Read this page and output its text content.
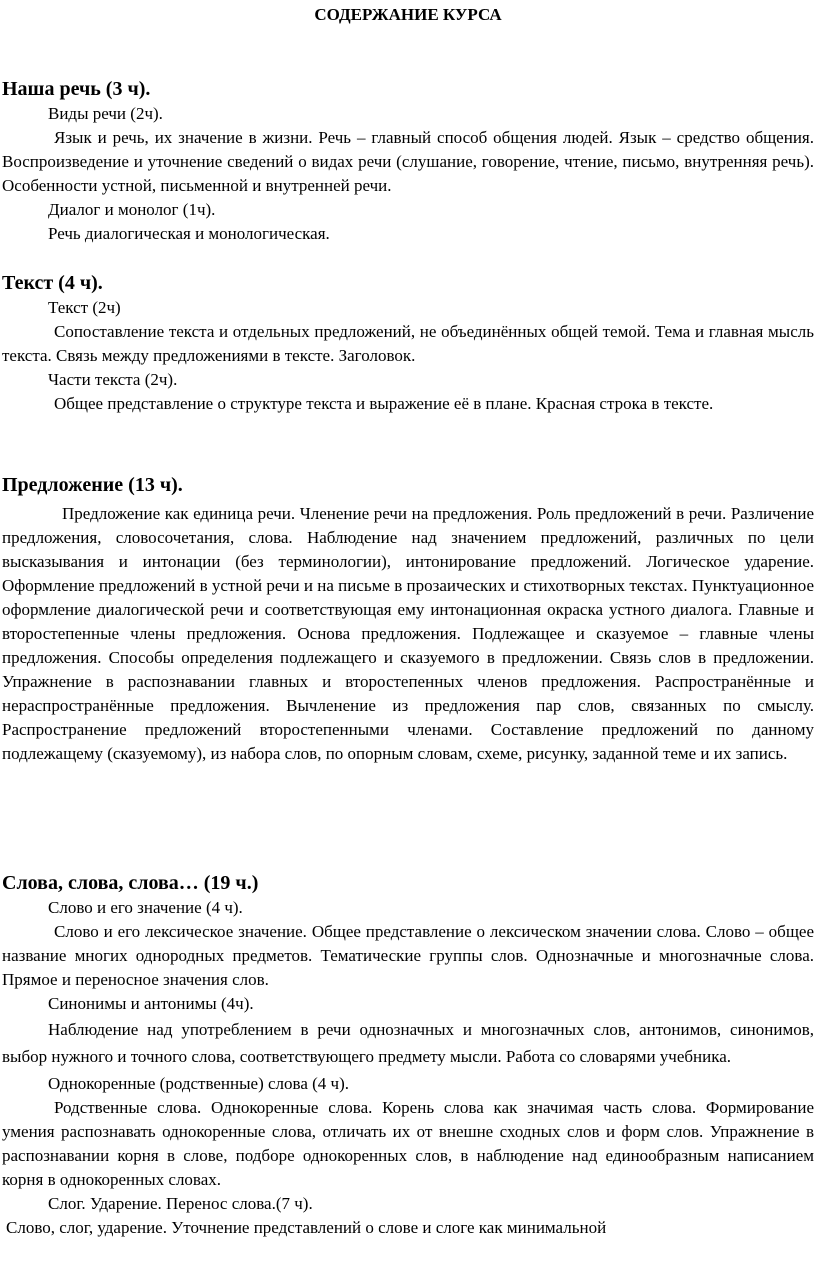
СОДЕРЖАНИЕ КУРСА

Наша речь (3 ч).

Виды речи (2ч).

Язык и речь, их значение в жизни. Речь – главный способ общения людей. Язык – средство общения. Воспроизведение и уточнение сведений о видах речи (слушание, говорение, чтение, письмо, внутренняя речь). Особенности устной, письменной и внутренней речи.

Диалог и монолог (1ч).

Речь диалогическая и монологическая.

Текст (4 ч).

Текст (2ч)

Сопоставление текста и отдельных предложений, не объединённых общей темой. Тема и главная мысль текста. Связь между предложениями в тексте. Заголовок.

Части текста (2ч).

Общее представление о структуре текста и выражение её в плане. Красная строка в тексте.

Предложение (13 ч).

Предложение как единица речи. Членение речи на предложения. Роль предложений в речи. Различение предложения, словосочетания, слова. Наблюдение над значением предложений, различных по цели высказывания и интонации (без терминологии), интонирование предложений. Логическое ударение. Оформление предложений в устной речи и на письме в прозаических и стихотворных текстах. Пунктуационное оформление диалогической речи и соответствующая ему интонационная окраска устного диалога. Главные и второстепенные члены предложения. Основа предложения. Подлежащее и сказуемое – главные члены предложения. Способы определения подлежащего и сказуемого в предложении. Связь слов в предложении. Упражнение в распознавании главных и второстепенных членов предложения. Распространённые и нераспространённые предложения. Вычленение из предложения пар слов, связанных по смыслу. Распространение предложений второстепенными членами. Составление предложений по данному подлежащему (сказуемому), из набора слов, по опорным словам, схеме, рисунку, заданной теме и их запись.

Слова, слова, слова… (19 ч.)

Слово и его значение (4 ч).

Слово и его лексическое значение. Общее представление о лексическом значении слова. Слово – общее название многих однородных предметов. Тематические группы слов. Однозначные и многозначные слова. Прямое и переносное значения слов.

Синонимы и антонимы (4ч).

Наблюдение над употреблением в речи однозначных и многозначных слов, антонимов, синонимов, выбор нужного и точного слова, соответствующего предмету мысли. Работа со словарями учебника.

Однокоренные (родственные) слова (4 ч).

Родственные слова. Однокоренные слова. Корень слова как значимая часть слова. Формирование умения распознавать однокоренные слова, отличать их от внешне сходных слов и форм слов. Упражнение в распознавании корня в слове, подборе однокоренных слов, в наблюдение над единообразным написанием корня в однокоренных словах.

Слог. Ударение. Перенос слова.(7 ч).

Слово, слог, ударение. Уточнение представлений о слове и слоге как минимальной
